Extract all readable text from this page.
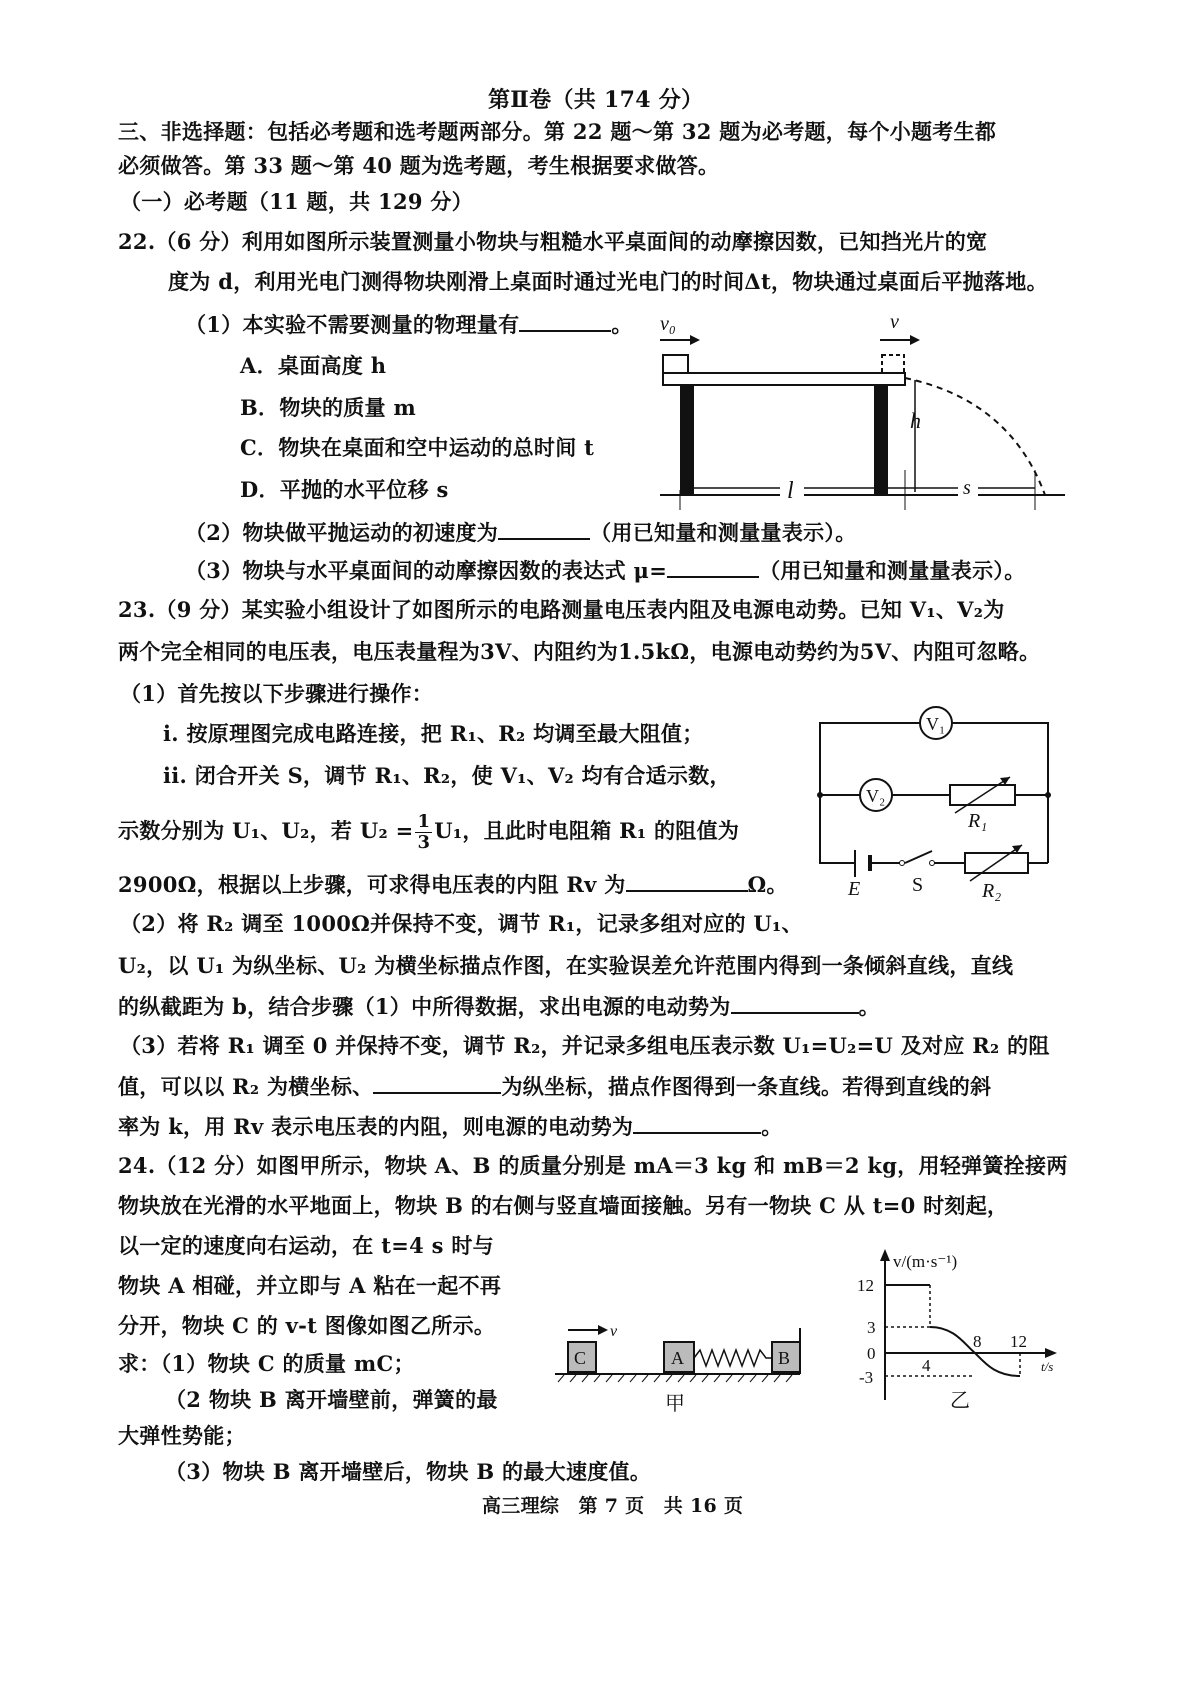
第Ⅱ卷（共 174 分）
三、非选择题：包括必考题和选考题两部分。第 22 题～第 32 题为必考题，每个小题考生都
必须做答。第 33 题～第 40 题为选考题，考生根据要求做答。
（一）必考题（11 题，共 129 分）
22.（6 分）利用如图所示装置测量小物块与粗糙水平桌面间的动摩擦因数，已知挡光片的宽
度为 d，利用光电门测得物块刚滑上桌面时通过光电门的时间Δt，物块通过桌面后平抛落地。
（1）本实验不需要测量的物理量有	。
A．桌面高度 h
B．物块的质量 m
C．物块在桌面和空中运动的总时间 t
D．平抛的水平位移 s
（2）物块做平抛运动的初速度为	（用已知量和测量量表示）。
（3）物块与水平桌面间的动摩擦因数的表达式 μ=	（用已知量和测量量表示）。
v₀	v
h
l	s
23.（9 分）某实验小组设计了如图所示的电路测量电压表内阻及电源电动势。已知 V₁、V₂为
两个完全相同的电压表，电压表量程为3V、内阻约为1.5kΩ，电源电动势约为5V、内阻可忽略。
（1）首先按以下步骤进行操作：
i. 按原理图完成电路连接，把 R₁、R₂ 均调至最大阻值；
ii. 闭合开关 S，调节 R₁、R₂，使 V₁、V₂ 均有合适示数，
示数分别为 U₁、U₂，若 $U_2 = \frac{1}{3} U_1$，且此时电阻箱 R₁ 的阻值为
2900Ω，根据以上步骤，可求得电压表的内阻 Rv 为	Ω。
（2）将 R₂ 调至 1000Ω并保持不变，调节 R₁，记录多组对应的 U₁、
U₂，以 U₁ 为纵坐标、U₂ 为横坐标描点作图，在实验误差允许范围内得到一条倾斜直线，直线
的纵截距为 b，结合步骤（1）中所得数据，求出电源的电动势为	。
（3）若将 R₁ 调至 0 并保持不变，调节 R₂，并记录多组电压表示数 U₁=U₂=U 及对应 R₂ 的阻
值，可以以 R₂ 为横坐标、	为纵坐标，描点作图得到一条直线。若得到直线的斜
率为 k，用 Rv 表示电压表的内阻，则电源的电动势为	。
V₁
V₂
R₁
R₂
E	S
24.（12 分）如图甲所示，物块 A、B 的质量分别是 mA＝3 kg 和 mB＝2 kg，用轻弹簧拴接两
物块放在光滑的水平地面上，物块 B 的右侧与竖直墙面接触。另有一物块 C 从 t=0 时刻起，
以一定的速度向右运动，在 t=4 s 时与
物块 A 相碰，并立即与 A 粘在一起不再
分开，物块 C 的 v-t 图像如图乙所示。
求：（1）物块 C 的质量 mC；
（2 物块 B 离开墙壁前，弹簧的最
大弹性势能；
（3）物块 B 离开墙壁后，物块 B 的最大速度值。
v
C	A	B
甲
v/(m·s⁻¹)
t/s
12
3
0
-3
4
8 12
乙
高三理综　第 7 页　共 16 页
